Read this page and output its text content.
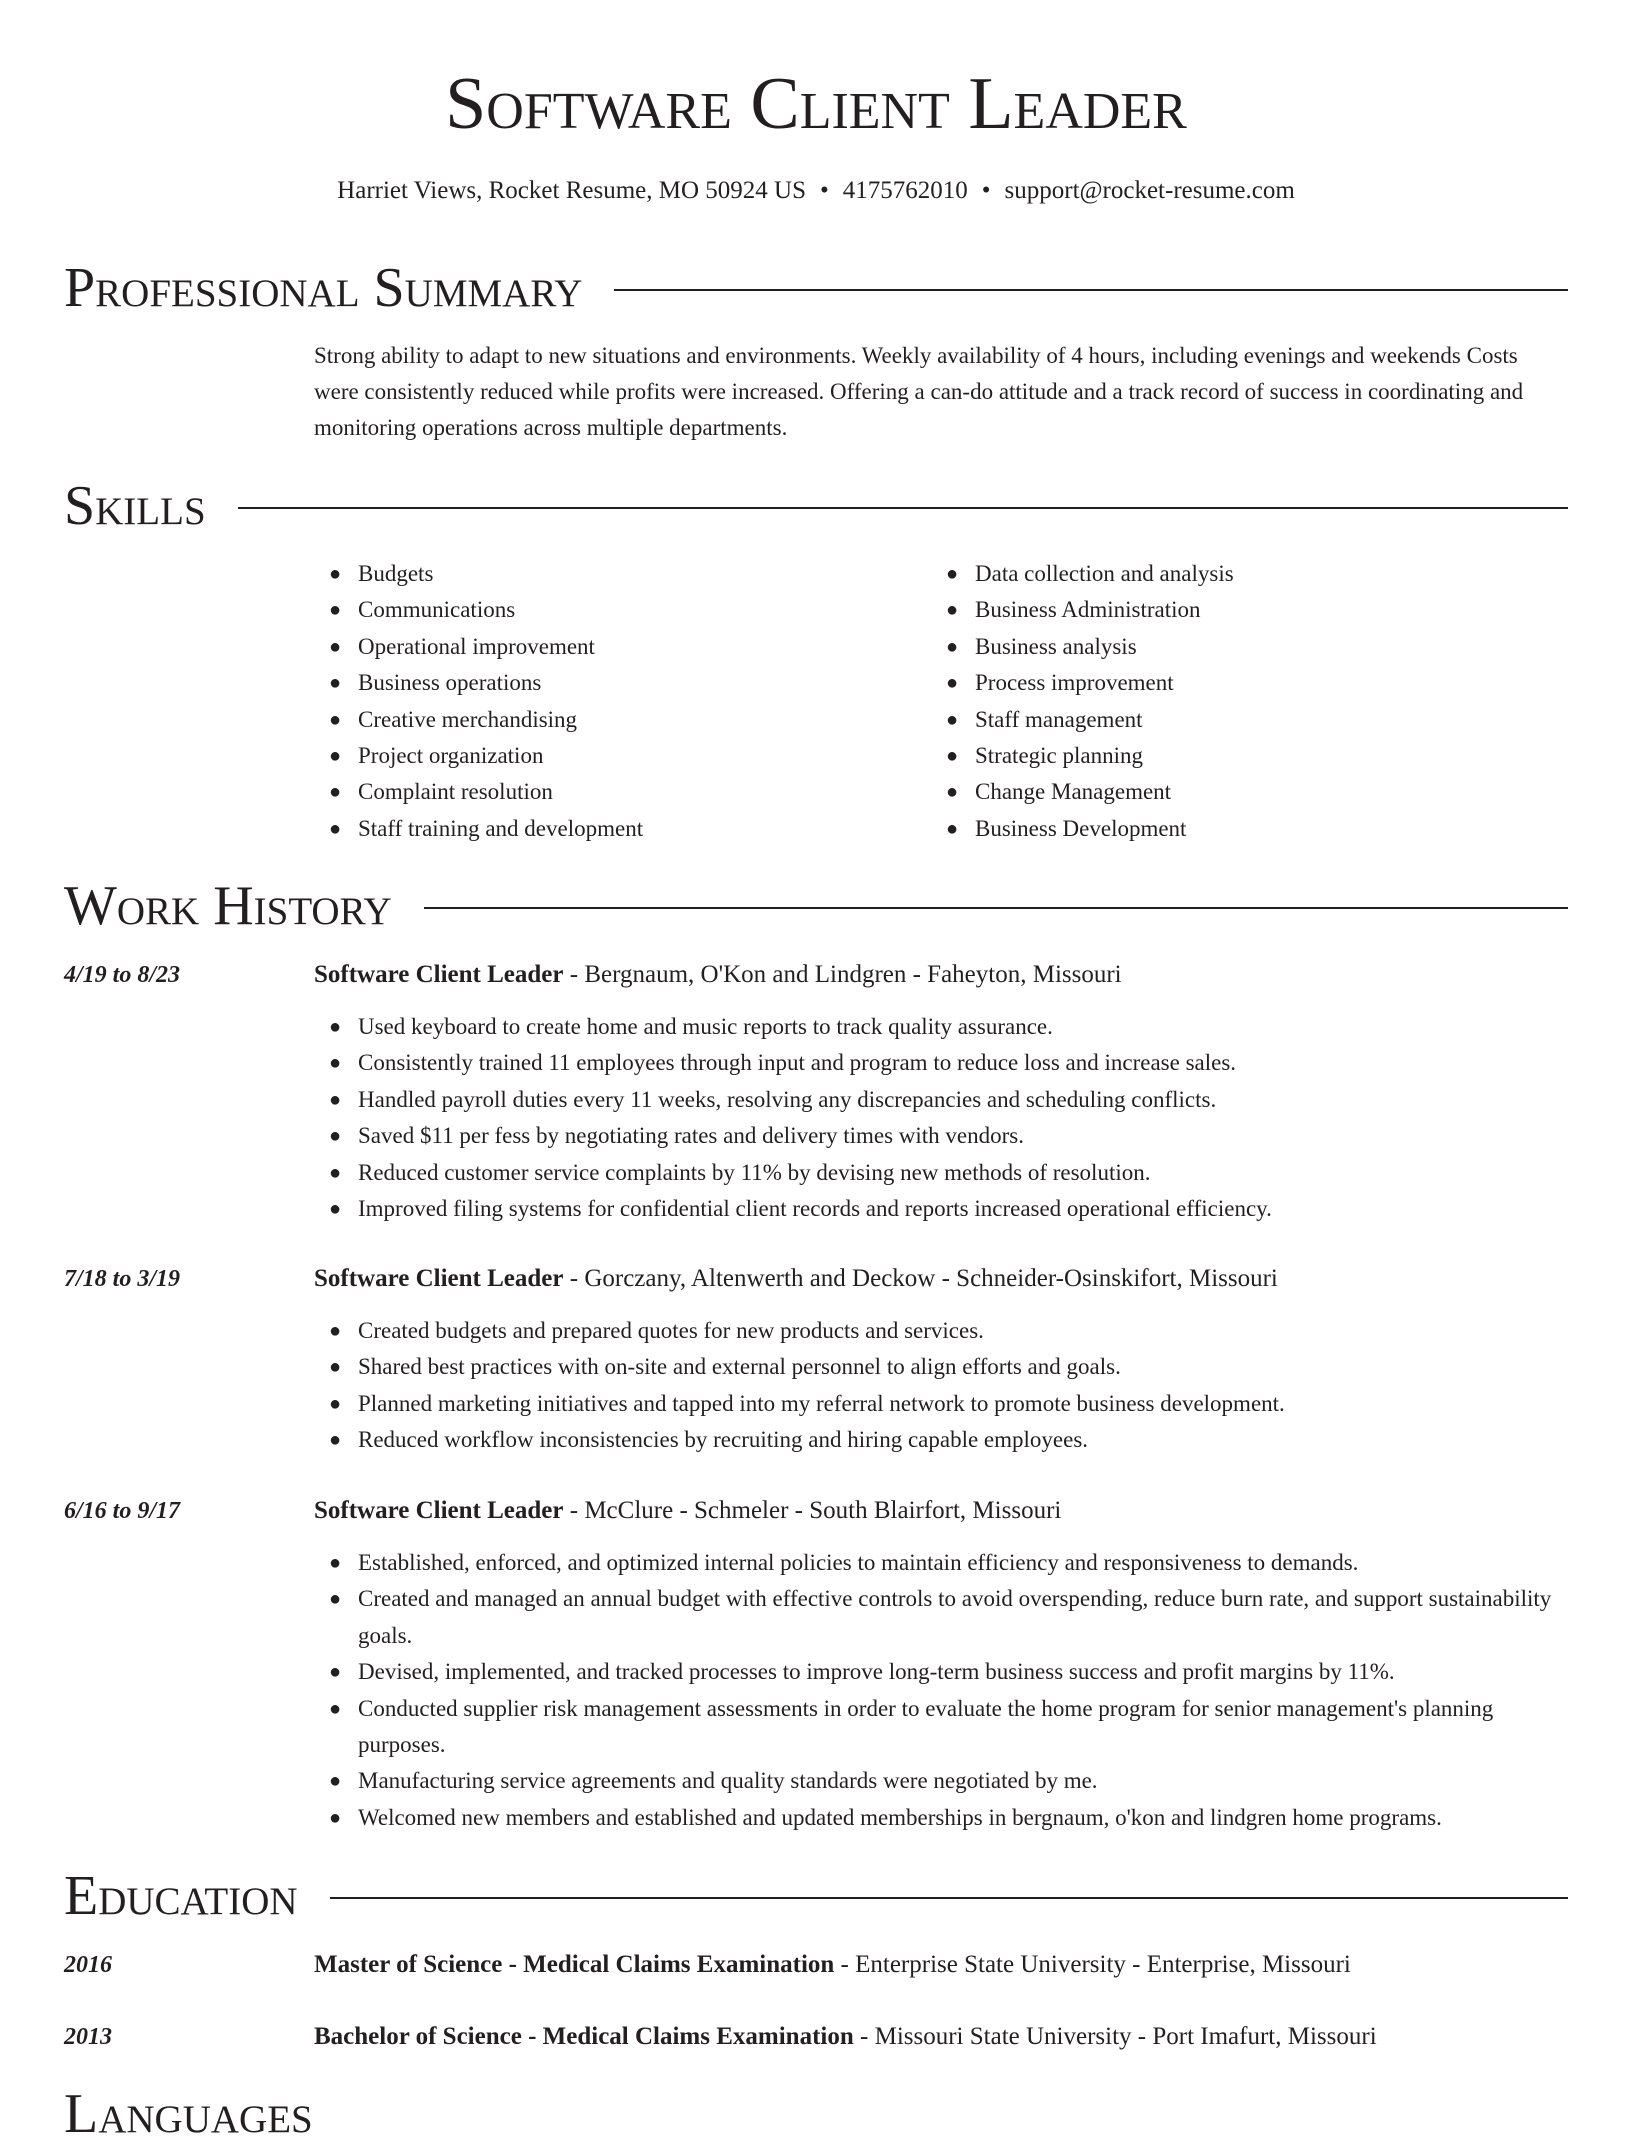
Software Client Leader
Harriet Views, Rocket Resume, MO 50924 US • 4175762010 • support@rocket-resume.com
Professional Summary

Strong ability to adapt to new situations and environments. Weekly availability of 4 hours, including evenings and weekends Costs were consistently reduced while profits were increased. Offering a can-do attitude and a track record of success in coordinating and monitoring operations across multiple departments.

Skills
● Budgets
● Communications
● Operational improvement
● Business operations
● Creative merchandising
● Project organization
● Complaint resolution
● Staff training and development
● Data collection and analysis
● Business Administration
● Business analysis
● Process improvement
● Staff management
● Strategic planning
● Change Management
● Business Development
Work History
4/19 to 8/23	Software Client Leader - Bergnaum, O'Kon and Lindgren - Faheyton, Missouri
● Used keyboard to create home and music reports to track quality assurance.
● Consistently trained 11 employees through input and program to reduce loss and increase sales.
● Handled payroll duties every 11 weeks, resolving any discrepancies and scheduling conflicts.
● Saved $11 per fess by negotiating rates and delivery times with vendors.
● Reduced customer service complaints by 11% by devising new methods of resolution.
● Improved filing systems for confidential client records and reports increased operational efficiency.
7/18 to 3/19	Software Client Leader - Gorczany, Altenwerth and Deckow - Schneider-Osinskifort, Missouri
● Created budgets and prepared quotes for new products and services.
● Shared best practices with on-site and external personnel to align efforts and goals.
● Planned marketing initiatives and tapped into my referral network to promote business development.
● Reduced workflow inconsistencies by recruiting and hiring capable employees.
6/16 to 9/17	Software Client Leader - McClure - Schmeler - South Blairfort, Missouri
● Established, enforced, and optimized internal policies to maintain efficiency and responsiveness to demands.
● Created and managed an annual budget with effective controls to avoid overspending, reduce burn rate, and support sustainability goals.
● Devised, implemented, and tracked processes to improve long-term business success and profit margins by 11%.
● Conducted supplier risk management assessments in order to evaluate the home program for senior management's planning purposes.
● Manufacturing service agreements and quality standards were negotiated by me.
● Welcomed new members and established and updated memberships in bergnaum, o'kon and lindgren home programs.
Education
2016	Master of Science - Medical Claims Examination - Enterprise State University - Enterprise, Missouri
2013	Bachelor of Science - Medical Claims Examination - Missouri State University - Port Imafurt, Missouri
Languages
